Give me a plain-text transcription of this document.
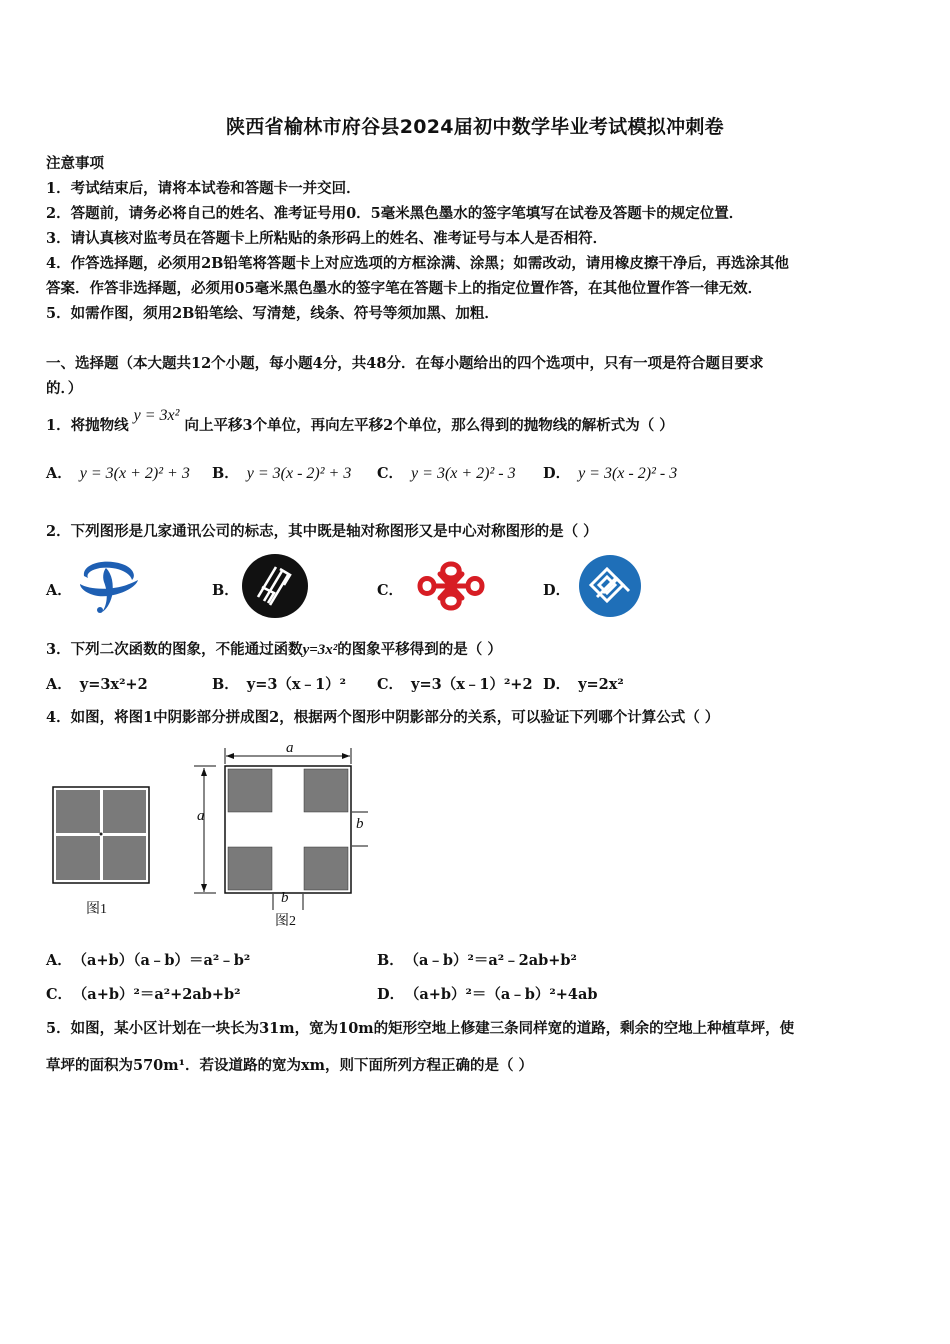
陕西省榆林市府谷县2024届初中数学毕业考试模拟冲刺卷
注意事项
1．考试结束后，请将本试卷和答题卡一并交回．
2．答题前，请务必将自己的姓名、准考证号用0．5毫米黑色墨水的签字笔填写在试卷及答题卡的规定位置．
3．请认真核对监考员在答题卡上所粘贴的条形码上的姓名、准考证号与本人是否相符．
4．作答选择题，必须用2B铅笔将答题卡上对应选项的方框涂满、涂黑；如需改动，请用橡皮擦干净后，再选涂其他
答案．作答非选择题，必须用05毫米黑色墨水的签字笔在答题卡上的指定位置作答，在其他位置作答一律无效．
5．如需作图，须用2B铅笔绘、写清楚，线条、符号等须加黑、加粗．
一、选择题（本大题共12个小题，每小题4分，共48分．在每小题给出的四个选项中，只有一项是符合题目要求
的．）
1．将抛物线 y = 3x² 向上平移3个单位，再向左平移2个单位，那么得到的抛物线的解析式为（ ）
A． y = 3(x + 2)² + 3 B． y = 3(x - 2)² + 3 C． y = 3(x + 2)² - 3 D． y = 3(x - 2)² - 3
2．下列图形是几家通讯公司的标志，其中既是轴对称图形又是中心对称图形的是（ ）
A．	B．	C．	D．
3．下列二次函数的图象，不能通过函数y=3x²的图象平移得到的是（ ）
A． y=3x²+2	B． y=3（x﹣1）² C． y=3（x﹣1）²+2 D． y=2x²
4．如图，将图1中阴影部分拼成图2，根据两个图形中阴影部分的关系，可以验证下列哪个计算公式（ ）
图1
a
a	b
b
图2
A． （a+b）（a﹣b）＝a²﹣b²	B． （a﹣b）²＝a²﹣2ab+b²
C． （a+b）²＝a²+2ab+b²	D． （a+b）²＝（a﹣b）²+4ab
5．如图，某小区计划在一块长为31m，宽为10m的矩形空地上修建三条同样宽的道路，剩余的空地上种植草坪，使
草坪的面积为570m¹．若设道路的宽为xm，则下面所列方程正确的是（ ）
